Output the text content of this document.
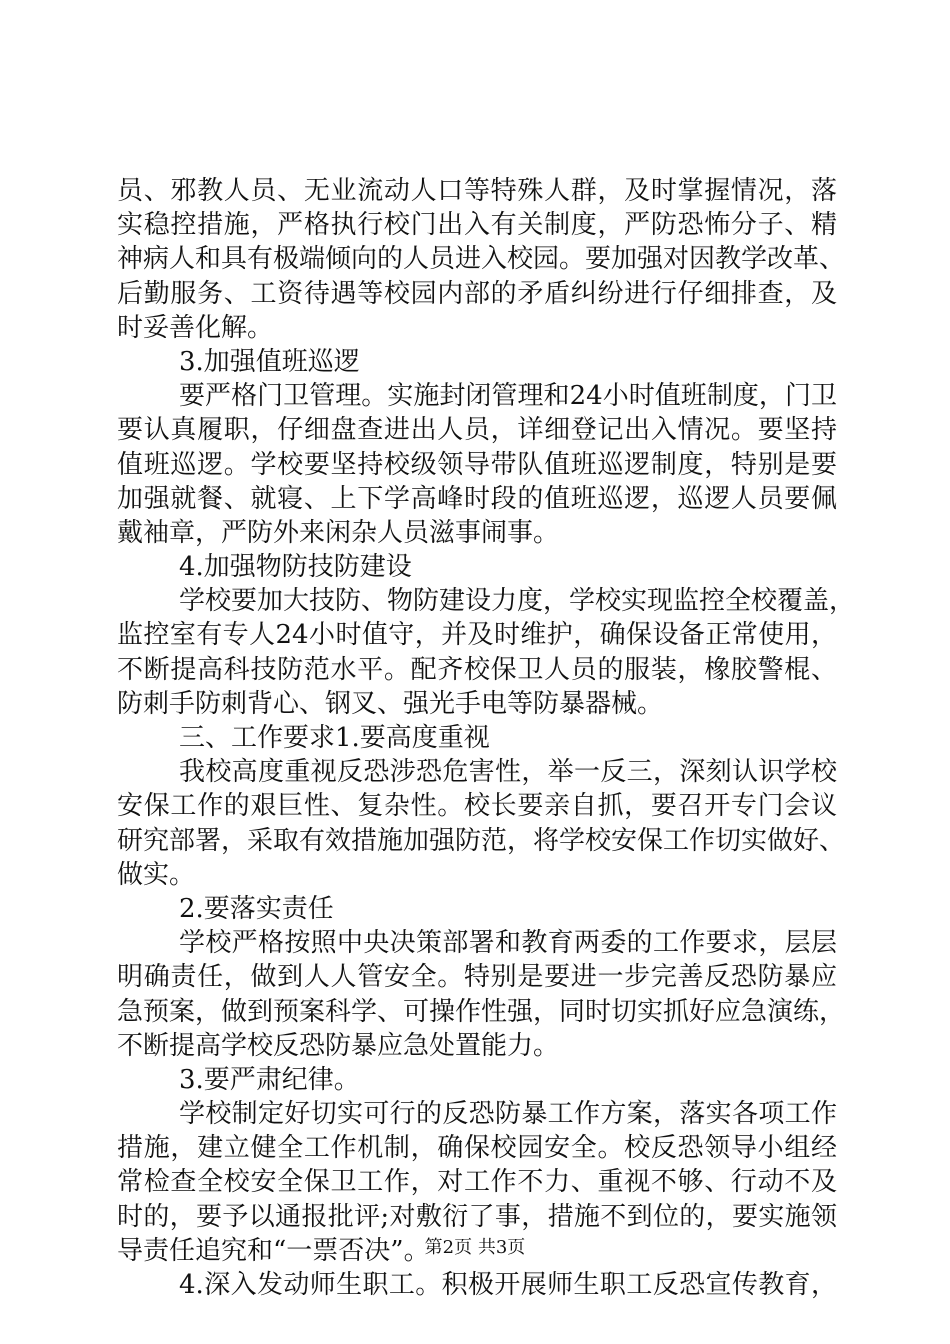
员、邪教人员、无业流动人口等特殊人群，及时掌握情况，落
实稳控措施，严格执行校门出入有关制度，严防恐怖分子、精
神病人和具有极端倾向的人员进入校园。要加强对因教学改革、
后勤服务、工资待遇等校园内部的矛盾纠纷进行仔细排查，及
时妥善化解。
3.加强值班巡逻
要严格门卫管理。实施封闭管理和24小时值班制度，门卫
要认真履职，仔细盘查进出人员，详细登记出入情况。要坚持
值班巡逻。学校要坚持校级领导带队值班巡逻制度，特别是要
加强就餐、就寝、上下学高峰时段的值班巡逻，巡逻人员要佩
戴袖章，严防外来闲杂人员滋事闹事。
4.加强物防技防建设
学校要加大技防、物防建设力度，学校实现监控全校覆盖，
监控室有专人24小时值守，并及时维护，确保设备正常使用，
不断提高科技防范水平。配齐校保卫人员的服装，橡胶警棍、
防刺手防刺背心、钢叉、强光手电等防暴器械。
三、工作要求1.要高度重视
我校高度重视反恐涉恐危害性，举一反三，深刻认识学校
安保工作的艰巨性、复杂性。校长要亲自抓，要召开专门会议
研究部署，采取有效措施加强防范，将学校安保工作切实做好、
做实。
2.要落实责任
学校严格按照中央决策部署和教育两委的工作要求，层层
明确责任，做到人人管安全。特别是要进一步完善反恐防暴应
急预案，做到预案科学、可操作性强，同时切实抓好应急演练，
不断提高学校反恐防暴应急处置能力。
3.要严肃纪律。
学校制定好切实可行的反恐防暴工作方案，落实各项工作
措施，建立健全工作机制，确保校园安全。校反恐领导小组经
常检查全校安全保卫工作，对工作不力、重视不够、行动不及
时的，要予以通报批评;对敷衍了事，措施不到位的，要实施领
导责任追究和“一票否决”。
4.深入发动师生职工。积极开展师生职工反恐宣传教育，
第2页 共3页
